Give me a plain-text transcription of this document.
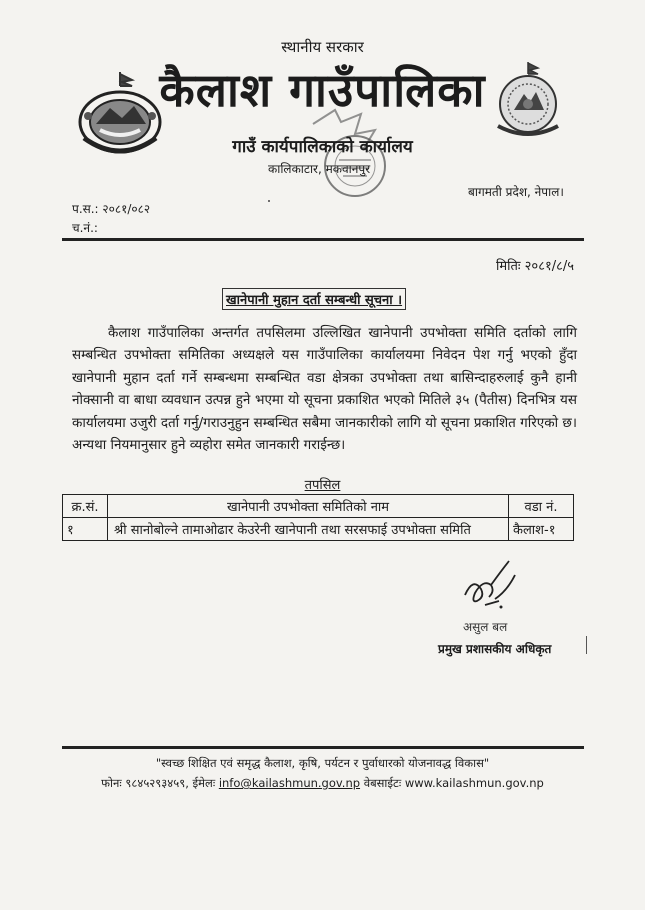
स्थानीय सरकार
कैलाश गाउँपालिका
गाउँ कार्यपालिकाको कार्यालय
कालिकाटार, मकवानपुर
बागमती प्रदेश, नेपाल।
प.स.: २०८१/०८२
च.नं.:
मितिः २०८१/८/५
खानेपानी मुहान दर्ता सम्बन्धी सूचना ।
कैलाश गाउँपालिका अन्तर्गत तपसिलमा उल्लिखित खानेपानी उपभोक्ता समिति दर्ताको लागि सम्बन्धित उपभोक्ता समितिका अध्यक्षले यस गाउँपालिका कार्यालयमा निवेदन पेश गर्नु भएको हुँदा खानेपानी मुहान दर्ता गर्ने सम्बन्धमा सम्बन्धित वडा क्षेत्रका उपभोक्ता तथा बासिन्दाहरुलाई कुनै हानी नोक्सानी वा बाधा व्यवधान उत्पन्न हुने भएमा यो सूचना प्रकाशित भएको मितिले ३५ (पैतीस) दिनभित्र यस कार्यालयमा उजुरी दर्ता गर्नु/गराउनुहुन सम्बन्धित सबैमा जानकारीको लागि यो सूचना प्रकाशित गरिएको छ। अन्यथा नियमानुसार हुने व्यहोरा समेत जानकारी गराईन्छ।
तपसिल
क्र.सं.	खानेपानी उपभोक्ता समितिको नाम	वडा नं.
१	श्री सानोबोल्ने तामाओढार केउरेनी खानेपानी तथा सरसफाई उपभोक्ता समिति	कैलाश-१
असुल बल
प्रमुख प्रशासकीय अधिकृत
"स्वच्छ शिक्षित एवं समृद्ध कैलाश, कृषि, पर्यटन र पुर्वाधारको योजनावद्ध विकास"
फोनः ९८४५२९३४५९, ईमेलः info@kailashmun.gov.np वेबसाईटः www.kailashmun.gov.np
